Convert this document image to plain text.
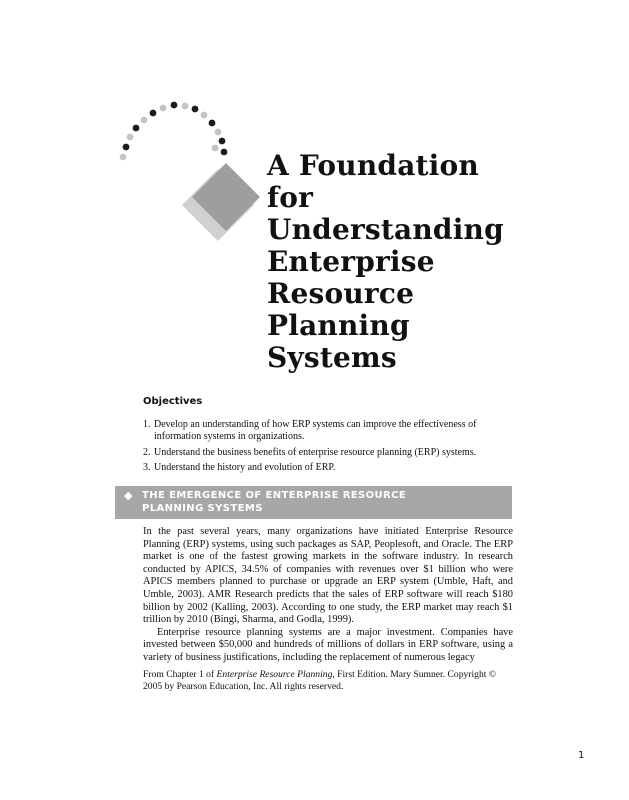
A Foundation
for
Understanding
Enterprise
Resource
Planning
Systems
Objectives
1. Develop an understanding of how ERP systems can improve the effectiveness of information systems in organizations.
2. Understand the business benefits of enterprise resource planning (ERP) systems.
3. Understand the history and evolution of ERP.
◆ THE EMERGENCE OF ENTERPRISE RESOURCE
PLANNING SYSTEMS

In the past several years, many organizations have initiated Enterprise Resource Planning (ERP) systems, using such packages as SAP, Peoplesoft, and Oracle. The ERP market is one of the fastest growing markets in the software industry. In research conducted by APICS, 34.5% of companies with revenues over $1 billion who were APICS members planned to purchase or upgrade an ERP system (Umble, Haft, and Umble, 2003). AMR Research predicts that the sales of ERP software will reach $180 billion by 2002 (Kalling, 2003). According to one study, the ERP market may reach $1 trillion by 2010 (Bingi, Sharma, and Godla, 1999).

Enterprise resource planning systems are a major investment. Companies have invested between $50,000 and hundreds of millions of dollars in ERP software, using a variety of business justifications, including the replacement of numerous legacy

From Chapter 1 of Enterprise Resource Planning, First Edition. Mary Sumner. Copyright © 2005 by Pearson Education, Inc. All rights reserved.
1
